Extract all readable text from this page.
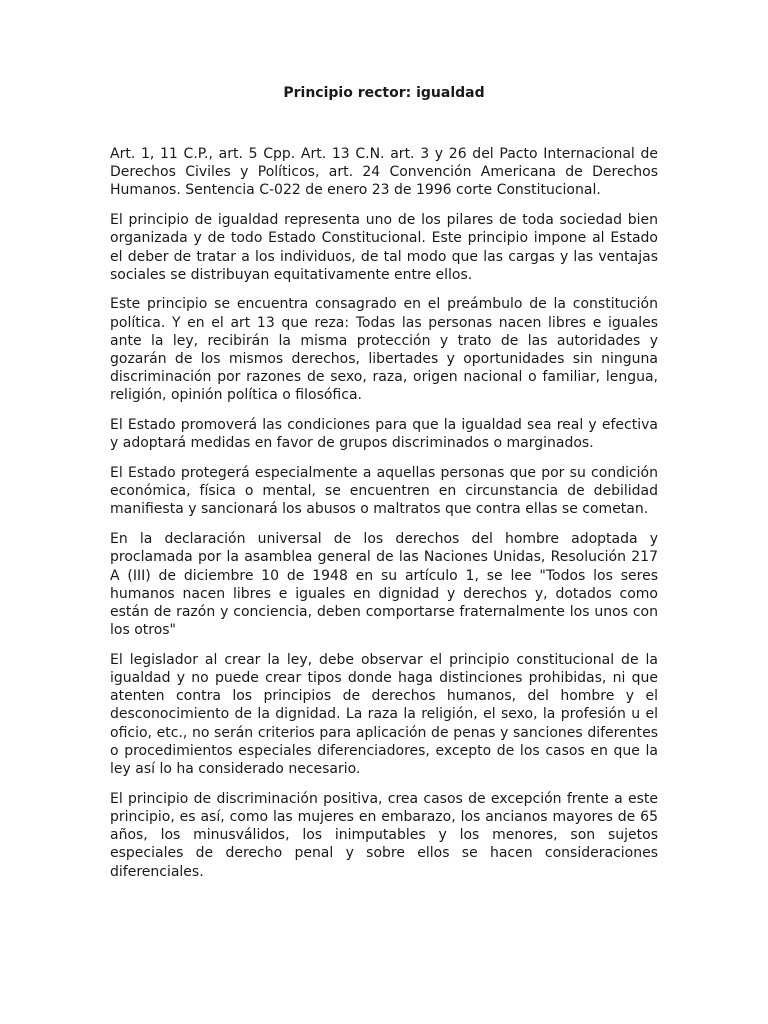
Principio rector: igualdad

Art. 1, 11 C.P., art. 5 Cpp. Art. 13 C.N. art. 3 y 26 del Pacto Internacional de Derechos Civiles y Políticos, art. 24 Convención Americana de Derechos Humanos. Sentencia C-022 de enero 23 de 1996 corte Constitucional.

El principio de igualdad representa uno de los pilares de toda sociedad bien organizada y de todo Estado Constitucional. Este principio impone al Estado el deber de tratar a los individuos, de tal modo que las cargas y las ventajas sociales se distribuyan equitativamente entre ellos.

Este principio se encuentra consagrado en el preámbulo de la constitución política. Y en el art 13 que reza: Todas las personas nacen libres e iguales ante la ley, recibirán la misma protección y trato de las autoridades y gozarán de los mismos derechos, libertades y oportunidades sin ninguna discriminación por razones de sexo, raza, origen nacional o familiar, lengua, religión, opinión política o filosófica.

El Estado promoverá las condiciones para que la igualdad sea real y efectiva y adoptará medidas en favor de grupos discriminados o marginados.

El Estado protegerá especialmente a aquellas personas que por su condición económica, física o mental, se encuentren en circunstancia de debilidad manifiesta y sancionará los abusos o maltratos que contra ellas se cometan.

En la declaración universal de los derechos del hombre adoptada y proclamada por la asamblea general de las Naciones Unidas, Resolución 217 A (III) de diciembre 10 de 1948 en su artículo 1, se lee "Todos los seres humanos nacen libres e iguales en dignidad y derechos y, dotados como están de razón y conciencia, deben comportarse fraternalmente los unos con los otros"

El legislador al crear la ley, debe observar el principio constitucional de la igualdad y no puede crear tipos donde haga distinciones prohibidas, ni que atenten contra los principios de derechos humanos, del hombre y el desconocimiento de la dignidad. La raza la religión, el sexo, la profesión u el oficio, etc., no serán criterios para aplicación de penas y sanciones diferentes o procedimientos especiales diferenciadores, excepto de los casos en que la ley así lo ha considerado necesario.

El principio de discriminación positiva, crea casos de excepción frente a este principio, es así, como las mujeres en embarazo, los ancianos mayores de 65 años, los minusválidos, los inimputables y los menores, son sujetos especiales de derecho penal y sobre ellos se hacen consideraciones diferenciales.
